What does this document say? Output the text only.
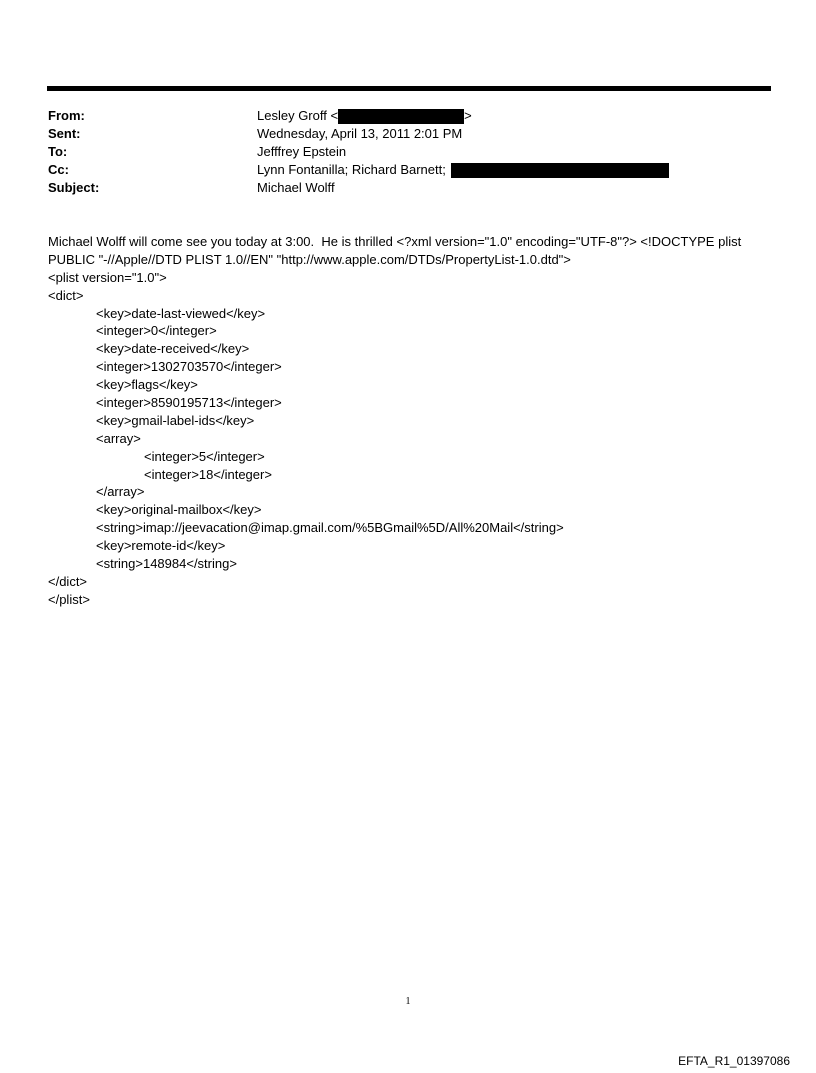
From:	Lesley Groff <	>
Sent:	Wednesday, April 13, 2011 2:01 PM
To:	Jefffrey Epstein
Cc:	Lynn Fontanilla; Richard Barnett;
Subject:	Michael Wolff
Michael Wolff will come see you today at 3:00.  He is thrilled <?xml version="1.0" encoding="UTF-8"?> <!DOCTYPE plist
PUBLIC "-//Apple//DTD PLIST 1.0//EN" "http://www.apple.com/DTDs/PropertyList-1.0.dtd">
<plist version="1.0">
<dict>
<key>date-last-viewed</key>
<integer>0</integer>
<key>date-received</key>
<integer>1302703570</integer>
<key>flags</key>
<integer>8590195713</integer>
<key>gmail-label-ids</key>
<array>
<integer>5</integer>
<integer>18</integer>
</array>
<key>original-mailbox</key>
<string>imap://jeevacation@imap.gmail.com/%5BGmail%5D/All%20Mail</string>
<key>remote-id</key>
<string>148984</string>
</dict>
</plist>
1
EFTA_R1_01397086
